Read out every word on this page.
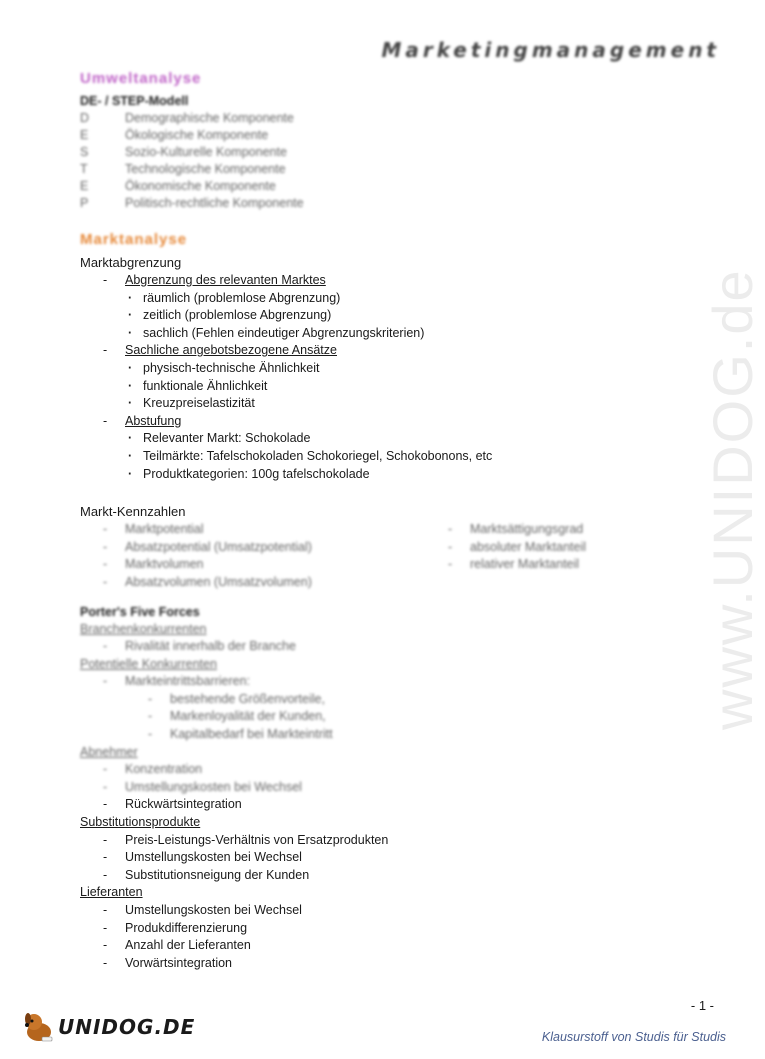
Marketingmanagement
www.UNIDOG.de
Umweltanalyse
DE- / STEP-Modell
D	Demographische Komponente
E	Ökologische Komponente
S	Sozio-Kulturelle Komponente
T	Technologische Komponente
E	Ökonomische Komponente
P	Politisch-rechtliche Komponente
Marktanalyse
Marktabgrenzung
- Abgrenzung des relevanten Marktes
· räumlich (problemlose Abgrenzung)
· zeitlich (problemlose Abgrenzung)
· sachlich (Fehlen eindeutiger Abgrenzungskriterien)
- Sachliche angebotsbezogene Ansätze
· physisch-technische Ähnlichkeit
· funktionale Ähnlichkeit
· Kreuzpreiselastizität
- Abstufung
· Relevanter Markt: Schokolade
· Teilmärkte: Tafelschokoladen Schokoriegel, Schokobonons, etc
· Produktkategorien: 100g tafelschokolade
Markt-Kennzahlen
- Marktpotential
- Absatzpotential (Umsatzpotential)
- Marktvolumen
- Absatzvolumen (Umsatzvolumen)
- Marktsättigungsgrad
- absoluter Marktanteil
- relativer Marktanteil
Porter's Five Forces
Branchenkonkurrenten
- Rivalität innerhalb der Branche
Potentielle Konkurrenten
- Markteintrittsbarrieren:
- bestehende Größenvorteile,
- Markenloyalität der Kunden,
- Kapitalbedarf bei Markteintritt
Abnehmer
- Konzentration
- Umstellungskosten bei Wechsel
- Rückwärtsintegration
Substitutionsprodukte
- Preis-Leistungs-Verhältnis von Ersatzprodukten
- Umstellungskosten bei Wechsel
- Substitutionsneigung der Kunden
Lieferanten
- Umstellungskosten bei Wechsel
- Produkdifferenzierung
- Anzahl der Lieferanten
- Vorwärtsintegration
- 1 -
UNIDOG.DE	Klausurstoff von Studis für Studis
